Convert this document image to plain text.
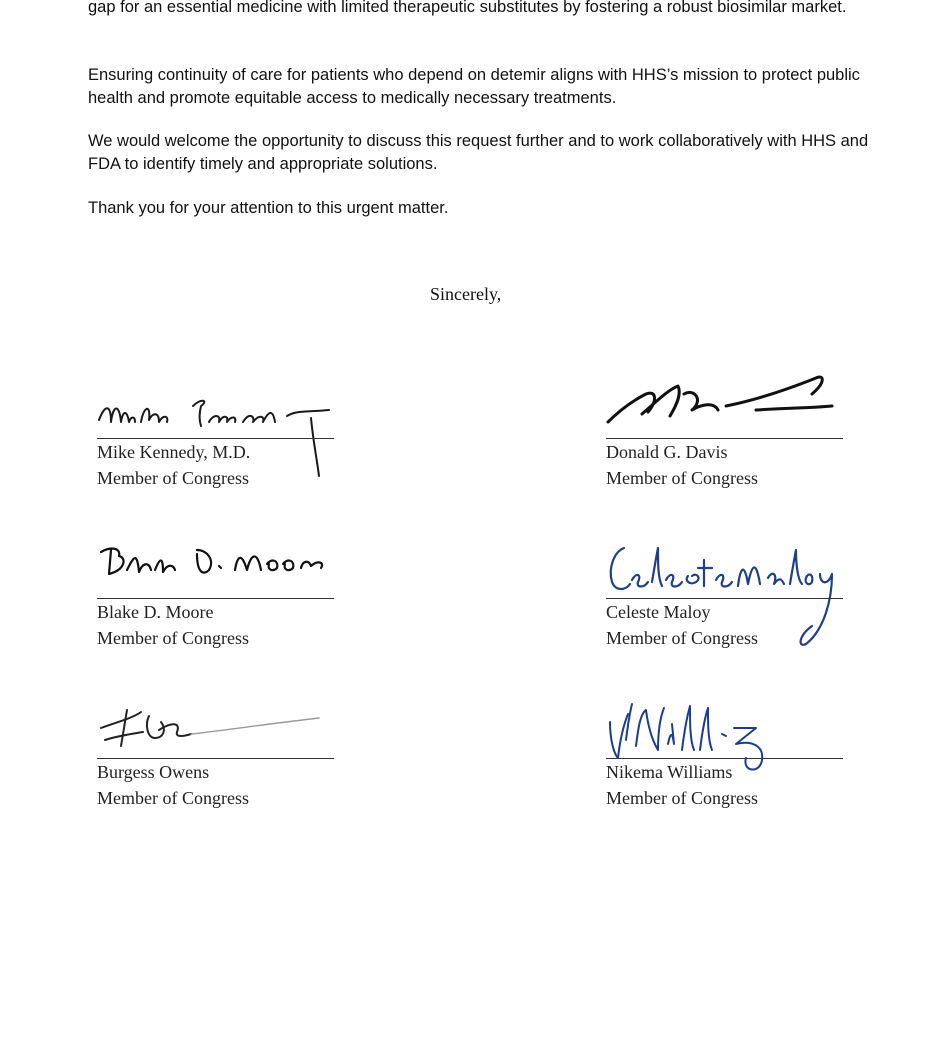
gap for an essential medicine with limited therapeutic substitutes by fostering a robust biosimilar market.

Ensuring continuity of care for patients who depend on detemir aligns with HHS’s mission to protect public health and promote equitable access to medically necessary treatments.

We would welcome the opportunity to discuss this request further and to work collaboratively with HHS and FDA to identify timely and appropriate solutions.

Thank you for your attention to this urgent matter.

Sincerely,
Mike Kennedy, M.D.
Member of Congress
Donald G. Davis
Member of Congress
Blake D. Moore
Member of Congress
Celeste Maloy
Member of Congress
Burgess Owens
Member of Congress
Nikema Williams
Member of Congress
